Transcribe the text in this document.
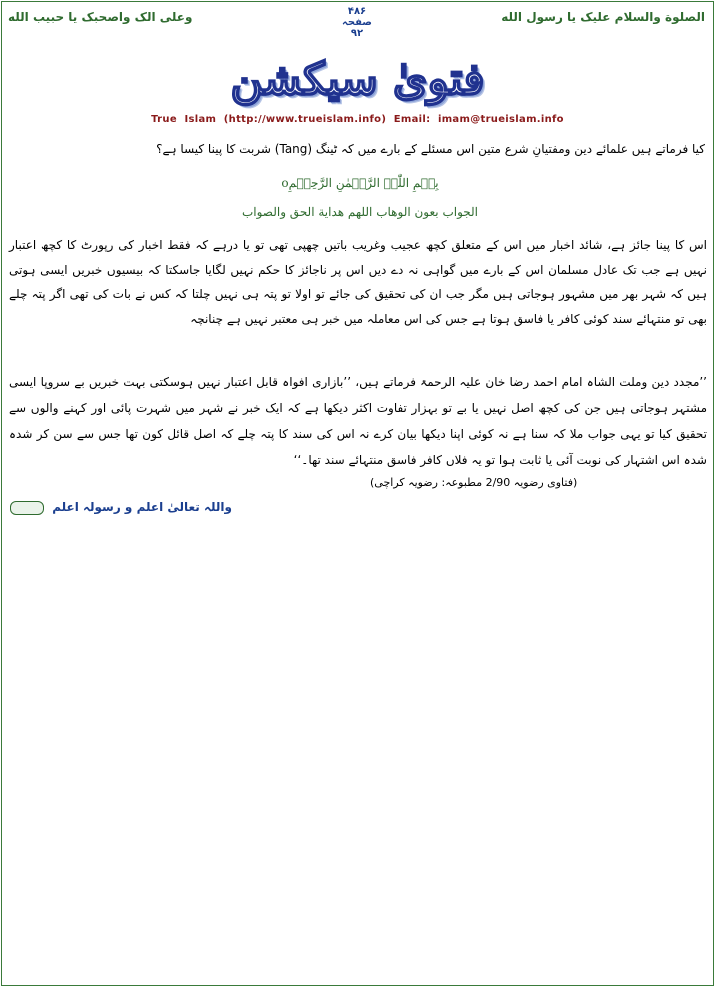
الصلوة والسلام علیک یا رسول الله
وعلی الک واصحبک یا حبیب الله	۴۸۶
صفحہ
۹۲
فتویٰ سیکشن
True  Islam  (http://www.trueislam.info)  Email:  imam@trueislam.info
کیا فرماتے ہیں علمائے دین ومفتیانِ شرع متین اس مسئلے کے بارے میں کہ ٹینگ (Tang) شربت کا پینا کیسا ہے؟
بِسۡمِ اللّٰہِ الرَّحۡمٰنِ الرَّحِیۡمِo
الجواب بعون الوھاب اللھم ھدایة الحق والصواب
اس کا پینا جائز ہے، شائد اخبار میں اس کے متعلق کچھ عجیب وغریب باتیں چھپی تھی تو یا درہے کہ فقط اخبار کی رپورٹ کا کچھ اعتبار نہیں ہے جب تک عادل مسلمان اس کے بارے میں گواہی نہ دے دیں اس پر ناجائز کا حکم نہیں لگایا جاسکتا کہ بیسیوں خبریں ایسی ہوتی ہیں کہ شہر بھر میں مشہور ہوجاتی ہیں مگر جب ان کی تحقیق کی جائے تو اولا تو پتہ ہی نہیں چلتا کہ کس نے بات کی تھی اگر پتہ چلے بھی تو منتہائے سند کوئی کافر یا فاسق ہوتا ہے جس کی اس معاملہ میں خبر ہی معتبر نہیں ہے چنانچہ
’’مجدد دین وملت الشاہ امام احمد رضا خان علیہ الرحمۃ فرماتے ہیں، ’’بازاری افواہ قابل اعتبار نہیں ہوسکتی بہت خبریں بے سروپا ایسی مشتہر ہوجاتی ہیں جن کی کچھ اصل نہیں یا بے تو بہزار تفاوت اکثر دیکھا ہے کہ ایک خبر نے شہر میں شہرت پائی اور کہنے والوں سے تحقیق کیا تو یہی جواب ملا کہ سنا ہے نہ کوئی اپنا دیکھا بیان کرے نہ اس کی سند کا پتہ چلے کہ اصل قائل کون تھا جس سے سن کر شدہ شدہ اس اشتہار کی نوبت آئی یا ثابت ہوا تو یہ فلاں کافر فاسق منتہائے سند تھا۔‘‘
(فتاوی رضویہ 2/90 مطبوعہ: رضویہ کراچی)
واللہ تعالیٰ اعلم و رسولہ اعلم
